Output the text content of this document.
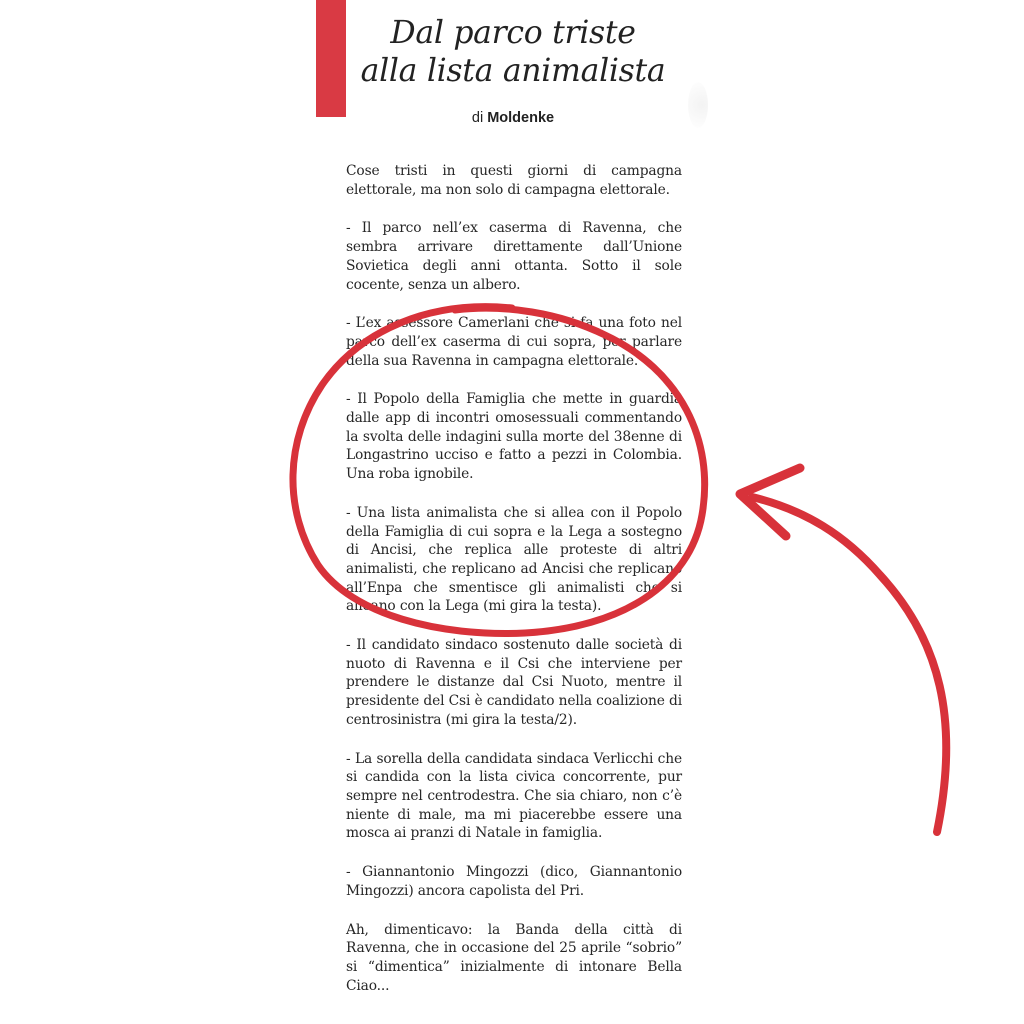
Dal parco triste
alla lista animalista
di Moldenke

Cose tristi in questi giorni di campagna elettorale, ma non solo di campagna elettorale.

- Il parco nell’ex caserma di Ravenna, che sembra arrivare direttamente dall’Unione Sovietica degli anni ottanta. Sotto il sole cocente, senza un albero.

- L’ex assessore Camerlani che si fa una foto nel parco dell’ex caserma di cui sopra, per parlare della sua Ravenna in campagna elettorale.

- Il Popolo della Famiglia che mette in guardia dalle app di incontri omosessuali commentando la svolta delle indagini sulla morte del 38enne di Longastrino ucciso e fatto a pezzi in Colombia. Una roba ignobile.

- Una lista animalista che si allea con il Popolo della Famiglia di cui sopra e la Lega a sostegno di Ancisi, che replica alle proteste di altri animalisti, che replicano ad Ancisi che replicano all’Enpa che smentisce gli animalisti che si alleano con la Lega (mi gira la testa).

- Il candidato sindaco sostenuto dalle società di nuoto di Ravenna e il Csi che interviene per prendere le distanze dal Csi Nuoto, mentre il presidente del Csi è candidato nella coalizione di centrosinistra (mi gira la testa/2).

- La sorella della candidata sindaca Verlicchi che si candida con la lista civica concorrente, pur sempre nel centrodestra. Che sia chiaro, non c’è niente di male, ma mi piacerebbe essere una mosca ai pranzi di Natale in famiglia.

- Giannantonio Mingozzi (dico, Giannantonio Mingozzi) ancora capolista del Pri.

Ah, dimenticavo: la Banda della città di Ravenna, che in occasione del 25 aprile “sobrio” si “dimentica” inizialmente di intonare Bella Ciao...
